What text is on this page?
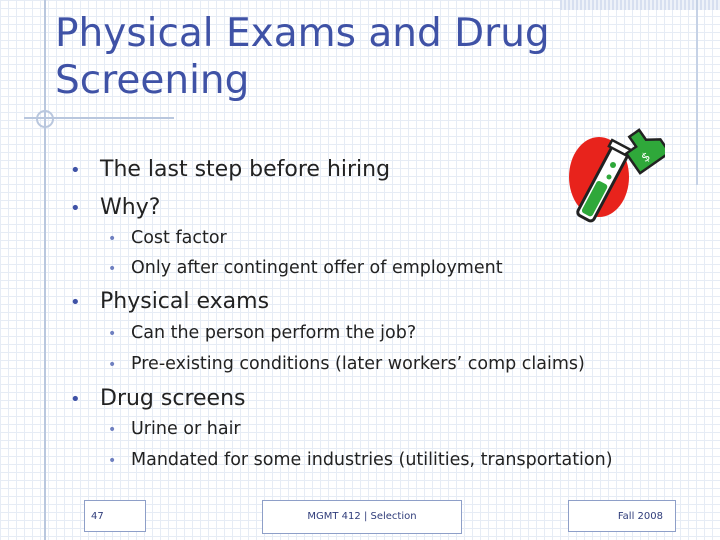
Physical Exams and Drug Screening
$
• The last step before hiring
• Why?
• Cost factor
• Only after contingent offer of employment
• Physical exams
• Can the person perform the job?
• Pre-existing conditions (later workers’ comp claims)
• Drug screens
• Urine or hair
• Mandated for some industries (utilities, transportation)
47	MGMT 412 | Selection	Fall 2008
